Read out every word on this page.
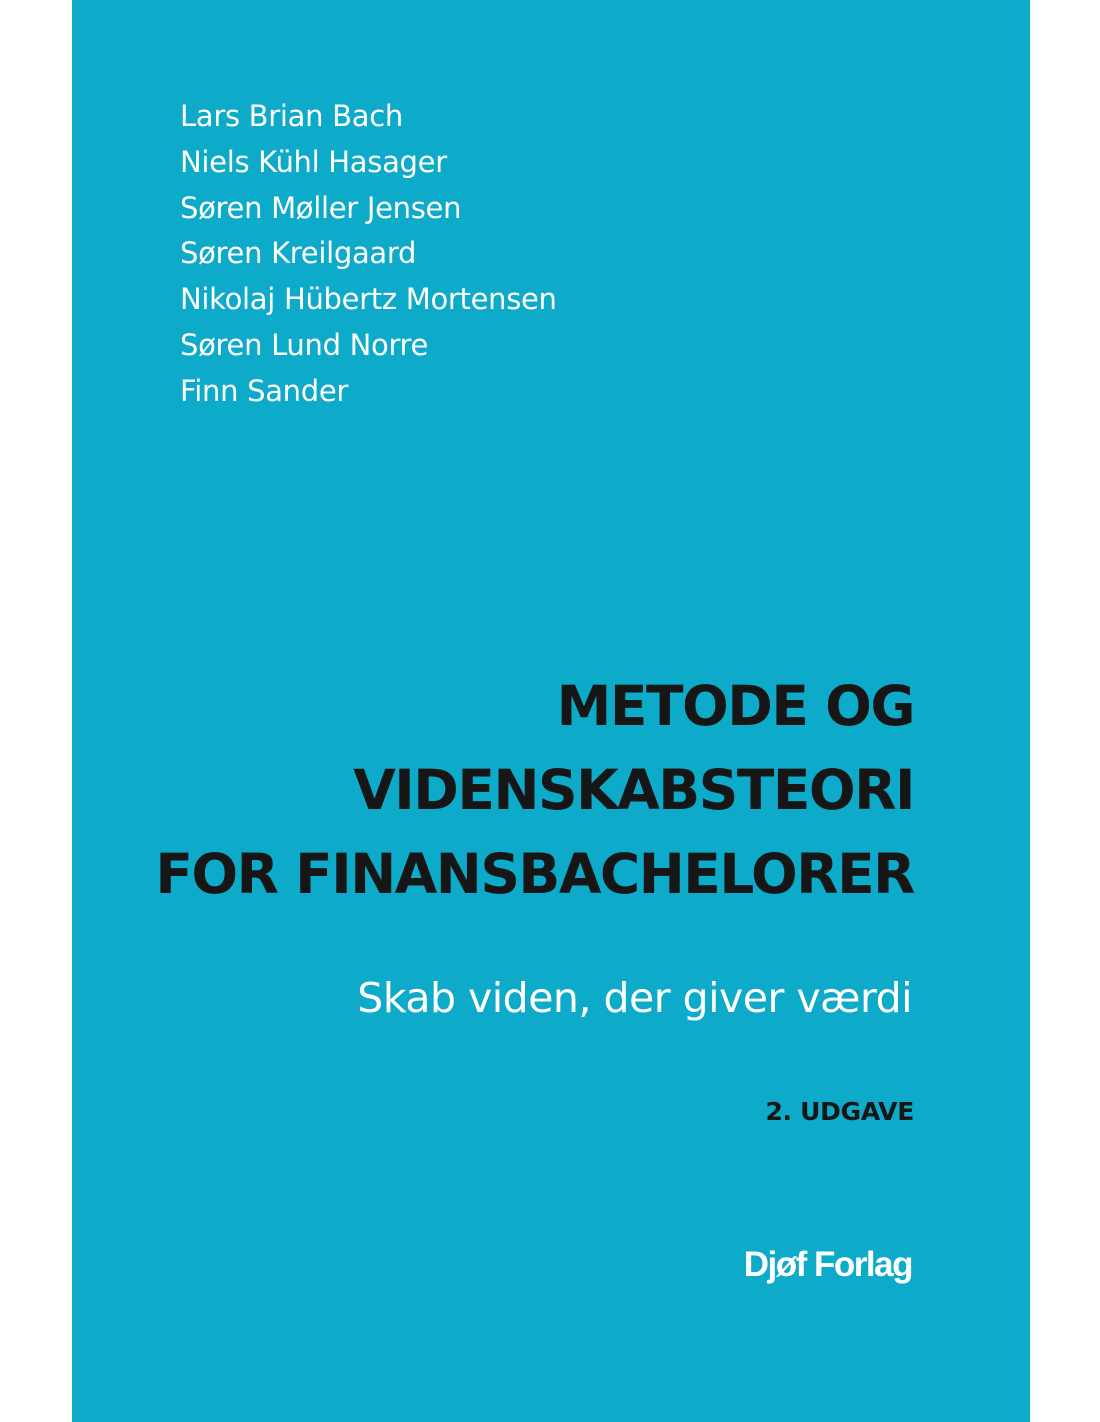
Lars Brian Bach
Niels Kühl Hasager
Søren Møller Jensen
Søren Kreilgaard
Nikolaj Hübertz Mortensen
Søren Lund Norre
Finn Sander
METODE OG
VIDENSKABSTEORI
FOR FINANSBACHELORER

Skab viden, der giver værdi

2. UDGAVE

Djøf Forlag
